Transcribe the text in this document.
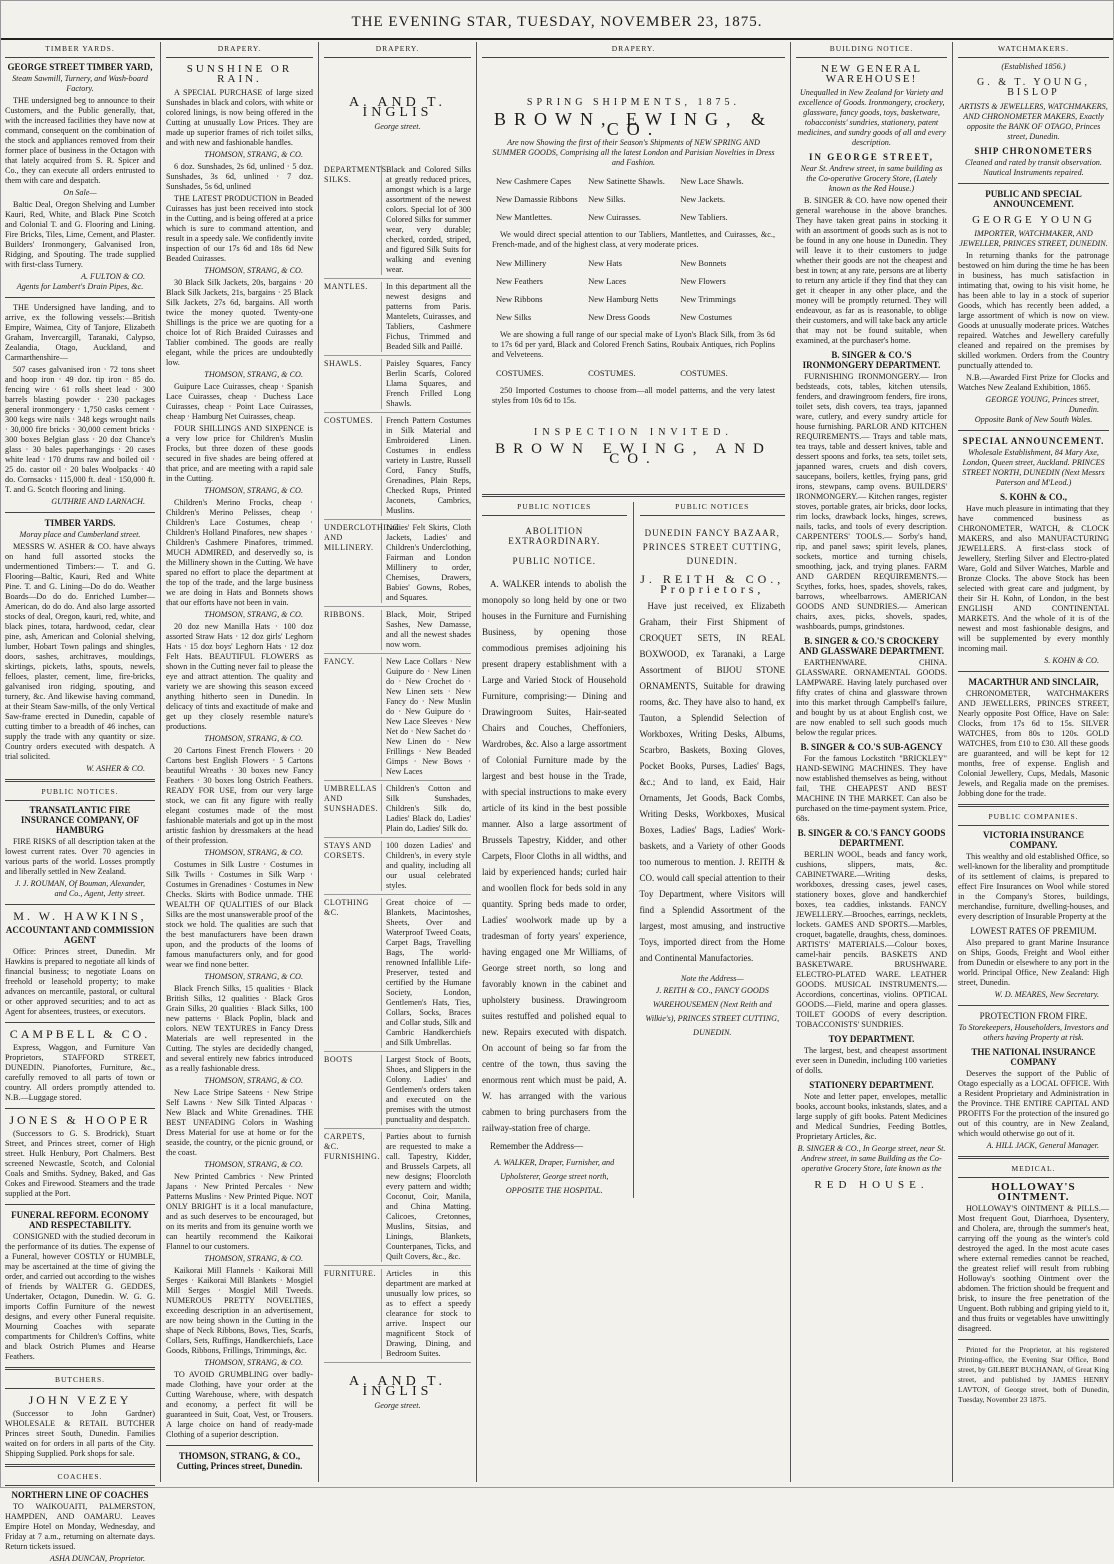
THE EVENING STAR, TUESDAY, NOVEMBER 23, 1875.
TIMBER YARDS.
GEORGE STREET TIMBER YARD,
Steam Sawmill, Turnery, and Wash-board Factory.
THE undersigned beg to announce to their Customers, and the Public generally, that, with the increased facilities they have now at command, consequent on the combination of the stock and appliances removed from their former place of business in the Octagon with that lately acquired from S. R. Spicer and Co., they can execute all orders entrusted to them with care and despatch.
On Sale—
Baltic Deal, Oregon Shelving and Lumber Kauri, Red, White, and Black Pine Scotch and Colonial T. and G. Flooring and Lining. Fire Bricks, Tiles, Lime, Cement, and Plaster. Builders' Ironmongery, Galvanised Iron, Ridging, and Spouting. The trade supplied with first-class Turnery.
A. FULTON & CO.
Agents for Lambert's Drain Pipes, &c.
THE Undersigned have landing, and to arrive, ex the following vessels:—British Empire, Waimea, City of Tanjore, Elizabeth Graham, Invercargill, Taranaki, Calypso, Zealandia, Otago, Auckland, and Carmarthenshire—
507 cases galvanised iron · 72 tons sheet and hoop iron · 49 doz. tip iron · 85 do. fencing wire · 61 rolls sheet lead · 300 barrels blasting powder · 230 packages general ironmongery · 1,750 casks cement · 300 kegs wire nails · 348 kegs wrought nails · 30,000 fire bricks · 30,000 cement bricks · 300 boxes Belgian glass · 20 doz Chance's glass · 30 bales paperhangings · 20 cases white lead · 170 drums raw and boiled oil · 25 do. castor oil · 20 bales Woolpacks · 40 do. Cornsacks · 115,000 ft. deal · 150,000 ft. T. and G. Scotch flooring and lining.
GUTHRIE AND LARNACH.
TIMBER YARDS.
Moray place and Cumberland street.
MESSRS W. ASHER & CO. have always on hand full assorted stocks the undermentioned Timbers:— T. and G. Flooring—Baltic, Kauri, Red and White Pine. T. and G. Lining—Do do do. Weather Boards—Do do do. Enriched Lumber—American, do do do. And also large assorted stocks of deal, Oregon, kauri, red, white, and black pines, totara, hardwood, cedar, clear pine, ash, American and Colonial shelving, lumber, Hobart Town palings and shingles, doors, sashes, architraves, mouldings, skirtings, pickets, laths, spouts, newels, felloes, plaster, cement, lime, fire-bricks, galvanised iron ridging, spouting, and turnery, &c. And likewise having command, at their Steam Saw-mills, of the only Vertical Saw-frame erected in Dunedin, capable of cutting timber to a breadth of 46 inches, can supply the trade with any quantity or size. Country orders executed with despatch. A trial solicited.
W. ASHER & CO.
PUBLIC NOTICES.
TRANSATLANTIC FIRE INSURANCE COMPANY, OF HAMBURG
FIRE RISKS of all description taken at the lowest current rates. Over 70 agencies in various parts of the world. Losses promptly and liberally settled in New Zealand.
J. J. ROUMAN, Of Bouman, Alexander, and Co., Agent, Jetty street.
M. W. HAWKINS,
ACCOUNTANT AND COMMISSION AGENT
Office: Princes street, Dunedin. Mr Hawkins is prepared to negotiate all kinds of financial business; to negotiate Loans on freehold or leasehold property; to make advances on mercantile, pastoral, or cultural or other approved securities; and to act as Agent for absentees, trustees, or executors.
CAMPBELL & CO.
Express, Waggon, and Furniture Van Proprietors, STAFFORD STREET, DUNEDIN. Pianofortes, Furniture, &c., carefully removed to all parts of town or country. All orders promptly attended to. N.B.—Luggage stored.
JONES & HOOPER
(Successors to G. S. Brodrick), Stuart Street, and Princes street, corner of High street. Hulk Henbury, Port Chalmers. Best screened Newcastle, Scotch, and Colonial Coals and Smiths. Sydney, Baked, and Gas Cokes and Firewood. Steamers and the trade supplied at the Port.
FUNERAL REFORM. ECONOMY AND RESPECTABILITY.
CONSIGNED with the studied decorum in the performance of its duties. The expense of a Funeral, however COSTLY or HUMBLE, may be ascertained at the time of giving the order, and carried out according to the wishes of friends by WALTER G. GEDDES, Undertaker, Octagon, Dunedin. W. G. G. imports Coffin Furniture of the newest designs, and every other Funeral requisite. Mourning Coaches with separate compartments for Children's Coffins, white and black Ostrich Plumes and Hearse Feathers.
BUTCHERS.
JOHN VEZEY
(Successor to John Gardner) WHOLESALE & RETAIL BUTCHER Princes street South, Dunedin. Families waited on for orders in all parts of the City. Shipping Supplied. Pork shops for sale.
COACHES.
NORTHERN LINE OF COACHES
TO WAIKOUAITI, PALMERSTON, HAMPDEN, AND OAMARU. Leaves Empire Hotel on Monday, Wednesday, and Friday at 7 a.m., returning on alternate days. Return tickets issued.
ASHA DUNCAN, Proprietor.
DRAPERY.
SUNSHINE OR RAIN.
A SPECIAL PURCHASE of large sized Sunshades in black and colors, with white or colored linings, is now being offered in the Cutting at unusually Low Prices. They are made up superior frames of rich toilet silks, and with new and fashionable handles.
THOMSON, STRANG, & CO.
6 doz. Sunshades, 2s 6d, unlined · 5 doz. Sunshades, 3s 6d, unlined · 7 doz. Sunshades, 5s 6d, unlined
THE LATEST PRODUCTION in Beaded Cuirasses has just been received into stock in the Cutting, and is being offered at a price which is sure to command attention, and result in a speedy sale. We confidently invite inspection of our 17s 6d and 18s 6d New Beaded Cuirasses.
THOMSON, STRANG, & CO.
30 Black Silk Jackets, 20s, bargains · 20 Black Silk Jackets, 21s, bargains · 25 Black Silk Jackets, 27s 6d, bargains. All worth twice the money quoted. Twenty-one Shillings is the price we are quoting for a choice lot of Rich Braided Cuirasses and Tablier combined. The goods are really elegant, while the prices are undoubtedly low.
THOMSON, STRANG, & CO.
Guipure Lace Cuirasses, cheap · Spanish Lace Cuirasses, cheap · Duchess Lace Cuirasses, cheap · Point Lace Cuirasses, cheap · Hamburg Net Cuirasses, cheap.
FOUR SHILLINGS AND SIXPENCE is a very low price for Children's Muslin Frocks, but three dozen of these goods secured in five shades are being offered at that price, and are meeting with a rapid sale in the Cutting.
THOMSON, STRANG, & CO.
Children's Merino Frocks, cheap · Children's Merino Pelisses, cheap · Children's Lace Costumes, cheap · Children's Holland Pinafores, new shapes · Children's Cashmere Pinafores, trimmed. MUCH ADMIRED, and deservedly so, is the Millinery shown in the Cutting. We have spared no effort to place the department at the top of the trade, and the large business we are doing in Hats and Bonnets shows that our efforts have not been in vain.
THOMSON, STRANG, & CO.
20 doz new Manilla Hats · 100 doz assorted Straw Hats · 12 doz girls' Leghorn Hats · 15 doz boys' Leghorn Hats · 12 doz Felt Hats. BEAUTIFUL FLOWERS as shown in the Cutting never fail to please the eye and attract attention. The quality and variety we are showing this season exceed anything hitherto seen in Dunedin. In delicacy of tints and exactitude of make and get up they closely resemble nature's productions.
THOMSON, STRANG, & CO.
20 Cartons Finest French Flowers · 20 Cartons best English Flowers · 5 Cartons beautiful Wreaths · 30 boxes new Fancy Feathers · 30 boxes long Ostrich Feathers. READY FOR USE, from our very large stock, we can fit any figure with really elegant costumes made of the most fashionable materials and got up in the most artistic fashion by dressmakers at the head of their profession.
THOMSON, STRANG, & CO.
Costumes in Silk Lustre · Costumes in Silk Twills · Costumes in Silk Warp · Costumes in Grenadines · Costumes in New Checks. Skirts with Bodice unmade. THE WEALTH OF QUALITIES of our Black Silks are the most unanswerable proof of the stock we hold. The qualities are such that the best manufacturers have been drawn upon, and the products of the looms of famous manufacturers only, and for good wear we find none better.
THOMSON, STRANG, & CO.
Black French Silks, 15 qualities · Black British Silks, 12 qualities · Black Gros Grain Silks, 20 qualities · Black Silks, 100 new patterns · Black Poplin, black and colors. NEW TEXTURES in Fancy Dress Materials are well represented in the Cutting. The styles are decidedly changed, and several entirely new fabrics introduced as a really fashionable dress.
THOMSON, STRANG, & CO.
New Lace Stripe Sateens · New Stripe Self Lawns · New Silk Tinted Alpacas · New Black and White Grenadines. THE BEST UNFADING Colors in Washing Dress Material for use at home or for the seaside, the country, or the picnic ground, or the coast.
THOMSON, STRANG, & CO.
New Printed Cambrics · New Printed Japans · New Printed Percales · New Patterns Muslins · New Printed Pique. NOT ONLY BRIGHT is it a local manufacture, and as such deserves to be encouraged, but on its merits and from its genuine worth we can heartily recommend the Kaikorai Flannel to our customers.
THOMSON, STRANG, & CO.
Kaikorai Mill Flannels · Kaikorai Mill Serges · Kaikorai Mill Blankets · Mosgiel Mill Serges · Mosgiel Mill Tweeds. NUMEROUS PRETTY NOVELTIES, exceeding description in an advertisement, are now being shown in the Cutting in the shape of Neck Ribbons, Bows, Ties, Scarfs, Collars, Sets, Ruffings, Handkerchiefs, Lace Goods, Ribbons, Frillings, Trimmings, &c.
THOMSON, STRANG, & CO.
TO AVOID GRUMBLING over badly-made Clothing, have your order at the Cutting Warehouse, where, with despatch and economy, a perfect fit will be guaranteed in Suit, Coat, Vest, or Trousers. A large choice on hand of ready-made Clothing of a superior description.
THOMSON, STRANG, & CO., Cutting, Princes street, Dunedin.
DRAPERY.
A. AND T. INGLIS
George street.
DEPARTMENTS. SILKS.
Black and Colored Silks at greatly reduced prices, amongst which is a large assortment of the newest colors. Special lot of 300 Colored Silks for summer wear, very durable; checked, corded, striped, and figured Silk Suits for walking and evening wear.
MANTLES.	In this department all the newest designs and patterns from Paris. Mantelets, Cuirasses, and Tabliers, Cashmere Fichus, Trimmed and Beaded Silk and Paillé.
SHAWLS.	Paisley Squares, Fancy Berlin Scarfs, Colored Llama Squares, and French Frilled Long Shawls.
COSTUMES.	French Pattern Costumes in Silk Material and Embroidered Linen. Costumes in endless variety in Lustre, Russell Cord, Fancy Stuffs, Grenadines, Plain Reps, Checked Rups, Printed Jaconets, Cambrics, Muslins.
UNDERCLOTHING AND MILLINERY.
Ladies' Felt Skirts, Cloth Jackets, Ladies' and Children's Underclothing, Fairman and London Millinery to order, Chemises, Drawers, Babies' Gowns, Robes, and Squares.
RIBBONS.	Black, Moir, Striped Sashes, New Damasse, and all the newest shades now worn.
FANCY.	New Lace Collars · New Guipure do · New Linen do · New Crochet do · New Linen sets · New Fancy do · New Muslin do · New Guipure do · New Lace Sleeves · New Net do · New Sachet do · New Linen do · New Frillings · New Beaded Gimps · New Bows · New Laces
UMBRELLAS AND SUNSHADES.
Children's Cotton and Silk Sunshades, Children's Silk do, Ladies' Black do, Ladies' Plain do, Ladies' Silk do.
STAYS AND CORSETS.
100 dozen Ladies' and Children's, in every style and quality, including all our usual celebrated styles.
CLOTHING &C.
Great choice of — Blankets, Macintoshes, Sheets, Over and Waterproof Tweed Coats, Carpet Bags, Travelling Bags, The world-renowned Infallible Life-Preserver, tested and certified by the Humane Society, London, Gentlemen's Hats, Ties, Collars, Socks, Braces and Collar studs, Silk and Cambric Handkerchiefs and Silk Umbrellas.
BOOTS	Largest Stock of Boots, Shoes, and Slippers in the Colony. Ladies' and Gentlemen's orders taken and executed on the premises with the utmost punctuality and despatch.
CARPETS, &C. FURNISHING.
Parties about to furnish are requested to make a call. Tapestry, Kidder, and Brussels Carpets, all new designs; Floorcloth every pattern and width; Coconut, Coir, Manila, and China Matting. Calicoes, Cretonnes, Muslins, Sitsias, and Linings, Blankets, Counterpanes, Ticks, and Quilt Covers, &c., &c.
FURNITURE.	Articles in this department are marked at unusually low prices, so as to effect a speedy clearance for stock to arrive. Inspect our magnificent Stock of Drawing, Dining, and Bedroom Suites.
A. AND T. INGLIS
George street.
DRAPERY.
SPRING SHIPMENTS, 1875.
BROWN, EWING, & CO.
Are now Showing the first of their Season's Shipments of NEW SPRING AND SUMMER GOODS, Comprising all the latest London and Parisian Novelties in Dress and Fashion.
New Cashmere Capes	New Satinette Shawls.	New Lace Shawls.
New Damassie Ribbons	New Silks.	New Jackets.
New Mantlettes.	New Cuirasses.	New Tabliers.
We would direct special attention to our Tabliers, Mantlettes, and Cuirasses, &c., French-made, and of the highest class, at very moderate prices.
New Millinery	New Hats	New Bonnets
New Feathers	New Laces	New Flowers
New Ribbons	New Hamburg Netts	New Trimmings
New Silks	New Dress Goods	New Costumes
We are showing a full range of our special make of Lyon's Black Silk, from 3s 6d to 17s 6d per yard, Black and Colored French Satins, Roubaix Antiques, rich Poplins and Velveteens.
COSTUMES.	COSTUMES.	COSTUMES.
250 Imported Costumes to choose from—all model patterns, and the very latest styles from 10s 6d to 15s.
INSPECTION INVITED.
BROWN EWING, AND CO.
PUBLIC NOTICES
ABOLITION EXTRAORDINARY.
PUBLIC NOTICE.
A. WALKER intends to abolish the monopoly so long held by one or two houses in the Furniture and Furnishing Business, by opening those commodious premises adjoining his present drapery establishment with a Large and Varied Stock of Household Furniture, comprising:— Dining and Drawingroom Suites, Hair-seated Chairs and Couches, Cheffoniers, Wardrobes, &c. Also a large assortment of Colonial Furniture made by the largest and best house in the Trade, with special instructions to make every article of its kind in the best possible manner. Also a large assortment of Brussels Tapestry, Kidder, and other Carpets, Floor Cloths in all widths, and laid by experienced hands; curled hair and woollen flock for beds sold in any quantity. Spring beds made to order, Ladies' woolwork made up by a tradesman of forty years' experience, having engaged one Mr Williams, of George street north, so long and favorably known in the cabinet and upholstery business. Drawingroom suites restuffed and polished equal to new. Repairs executed with dispatch. On account of being so far from the centre of the town, thus saving the enormous rent which must be paid, A. W. has arranged with the various cabmen to bring purchasers from the railway-station free of charge.
Remember the Address—
A. WALKER, Draper, Furnisher, and Upholsterer, George street north, OPPOSITE THE HOSPITAL.
PUBLIC NOTICES
DUNEDIN FANCY BAZAAR, PRINCES STREET CUTTING, DUNEDIN.
J. REITH & CO., Proprietors,
Have just received, ex Elizabeth Graham, their First Shipment of CROQUET SETS, IN REAL BOXWOOD, ex Taranaki, a Large Assortment of BIJOU STONE ORNAMENTS, Suitable for drawing rooms, &c. They have also to hand, ex Tauton, a Splendid Selection of Workboxes, Writing Desks, Albums, Scarbro, Baskets, Boxing Gloves, Pocket Books, Purses, Ladies' Bags, &c.; And to land, ex Eaid, Hair Ornaments, Jet Goods, Back Combs, Writing Desks, Workboxes, Musical Boxes, Ladies' Bags, Ladies' Work-baskets, and a Variety of other Goods too numerous to mention. J. REITH & CO. would call special attention to their Toy Department, where Visitors will find a Splendid Assortment of the largest, most amusing, and instructive Toys, imported direct from the Home and Continental Manufactories.
Note the Address—
J. REITH & CO., FANCY GOODS WAREHOUSEMEN (Next Reith and Wilkie's), PRINCES STREET CUTTING, DUNEDIN.
BUILDING NOTICE.
NEW GENERAL WAREHOUSE!
Unequalled in New Zealand for Variety and excellence of Goods. Ironmongery, crockery, glassware, fancy goods, toys, basketware, tobacconists' sundries, stationery, patent medicines, and sundry goods of all and every description.
IN GEORGE STREET,
Near St. Andrew street, in same building as the Co-operative Grocery Store, (Lately known as the Red House.)
B. SINGER & CO. have now opened their general warehouse in the above branches. They have taken great pains in stocking it with an assortment of goods such as is not to be found in any one house in Dunedin. They will leave it to their customers to judge whether their goods are not the cheapest and best in town; at any rate, persons are at liberty to return any article if they find that they can get it cheaper in any other place, and the money will be promptly returned. They will endeavour, as far as is reasonable, to oblige their customers, and will take back any article that may not be found suitable, when examined, at the purchaser's home.
B. SINGER & CO.'S IRONMONGERY DEPARTMENT.
FURNISHING IRONMONGERY.— Iron bedsteads, cots, tables, kitchen utensils, fenders, and drawingroom fenders, fire irons, toilet sets, dish covers, tea trays, japanned ware, cutlery, and every sundry article for house furnishing. PARLOR AND KITCHEN REQUIREMENTS.— Trays and table mats, tea trays, table and dessert knives, table and dessert spoons and forks, tea sets, toilet sets, japanned wares, cruets and dish covers, saucepans, boilers, kettles, frying pans, grid irons, stewpans, camp ovens. BUILDERS' IRONMONGERY.— Kitchen ranges, register stoves, portable grates, air bricks, door locks, rim locks, drawback locks, hinges, screws, nails, tacks, and tools of every description. CARPENTERS' TOOLS.— Sorby's hand, rip, and panel saws; spirit levels, planes, sockets, mortice and turning chisels, smoothing, jack, and trying planes. FARM AND GARDEN REQUIREMENTS.— Scythes, forks, hoes, spades, shovels, rakes, barrows, wheelbarrows. AMERICAN GOODS AND SUNDRIES.— American chairs, axes, picks, shovels, spades, washboards, pumps, grindstones.
B. SINGER & CO.'S CROCKERY AND GLASSWARE DEPARTMENT.
EARTHENWARE. CHINA. GLASSWARE. ORNAMENTAL GOODS. LAMPWARE. Having lately purchased over fifty crates of china and glassware thrown into this market through Campbell's failure, and bought by us at about English cost, we are now enabled to sell such goods much below the regular prices.
B. SINGER & CO.'S SUB-AGENCY
For the famous Lockstitch "BRICKLEY" HAND-SEWING MACHINES. They have now established themselves as being, without fail, THE CHEAPEST AND BEST MACHINE IN THE MARKET. Can also be purchased on the time-payment system. Price, 68s.
B. SINGER & CO.'S FANCY GOODS DEPARTMENT.
BERLIN WOOL, beads and fancy work, cushions, slippers, mats, &c. CABINETWARE.—Writing desks, workboxes, dressing cases, jewel cases, stationery boxes, glove and handkerchief boxes, tea caddies, inkstands. FANCY JEWELLERY.—Brooches, earrings, necklets, lockets. GAMES AND SPORTS.—Marbles, croquet, bagatelle, draughts, chess, dominoes. ARTISTS' MATERIALS.—Colour boxes, camel-hair pencils. BASKETS AND BASKETWARE. BRUSHWARE. ELECTRO-PLATED WARE. LEATHER GOODS. MUSICAL INSTRUMENTS.—Accordions, concertinas, violins. OPTICAL GOODS.—Field, marine and opera glasses. TOILET GOODS of every description. TOBACCONISTS' SUNDRIES.
TOY DEPARTMENT.
The largest, best, and cheapest assortment ever seen in Dunedin, including 100 varieties of dolls.
STATIONERY DEPARTMENT.
Note and letter paper, envelopes, metallic books, account books, inkstands, slates, and a large supply of gift books. Patent Medicines and Medical Sundries, Feeding Bottles, Proprietary Articles, &c.
B. SINGER & CO., In George street, near St. Andrew street, in same Building as the Co-operative Grocery Store, late known as the
RED HOUSE.
WATCHMAKERS.
(Established 1856.)
G. & T. YOUNG, BISLOP
ARTISTS & JEWELLERS, WATCHMAKERS, AND CHRONOMETER MAKERS, Exactly opposite the BANK OF OTAGO, Princes street, Dunedin.
SHIP CHRONOMETERS
Cleaned and rated by transit observation. Nautical Instruments repaired.
PUBLIC AND SPECIAL ANNOUNCEMENT.
GEORGE YOUNG
IMPORTER, WATCHMAKER, AND JEWELLER, PRINCES STREET, DUNEDIN.
In returning thanks for the patronage bestowed on him during the time he has been in business, has much satisfaction in intimating that, owing to his visit home, he has been able to lay in a stock of superior Goods, which has recently been added, a large assortment of which is now on view. Goods at unusually moderate prices. Watches repaired. Watches and Jewellery carefully cleaned and repaired on the premises by skilled workmen. Orders from the Country punctually attended to.
N.B.—Awarded First Prize for Clocks and Watches New Zealand Exhibition, 1865.
GEORGE YOUNG, Princes street, Dunedin.
Opposite Bank of New South Wales.
SPECIAL ANNOUNCEMENT.
Wholesale Establishment, 84 Mary Axe, London, Queen street, Auckland. PRINCES STREET NORTH, DUNEDIN (Next Messrs Paterson and M'Leod.)
S. KOHN & CO.,
Have much pleasure in intimating that they have commenced business as CHRONOMETER, WATCH, & CLOCK MAKERS, and also MANUFACTURING JEWELLERS. A first-class stock of Jewellery, Sterling Silver and Electro-plated Ware, Gold and Silver Watches, Marble and Bronze Clocks. The above Stock has been selected with great care and judgment, by their Sir H. Kohn, of London, in the best ENGLISH AND CONTINENTAL MARKETS. And the whole of it is of the newest and most fashionable designs, and will be supplemented by every monthly incoming mail.
S. KOHN & CO.
MACARTHUR AND SINCLAIR,
CHRONOMETER, WATCHMAKERS AND JEWELLERS, PRINCES STREET, Nearly opposite Post Office, Have on Sale: Clocks, from 17s 6d to 15s. SILVER WATCHES, from 80s to 120s. GOLD WATCHES, from £10 to £30. All these goods are guaranteed, and will be kept for 12 months, free of expense. English and Colonial Jewellery, Cups, Medals, Masonic Jewels, and Regalia made on the premises. Jobbing done for the trade.
PUBLIC COMPANIES.
VICTORIA INSURANCE COMPANY.
This wealthy and old established Office, so well-known for the liberality and promptitude of its settlement of claims, is prepared to effect Fire Insurances on Wool while stored in the Company's Stores, buildings, merchandise, furniture, dwelling-houses, and every description of Insurable Property at the
LOWEST RATES OF PREMIUM.
Also prepared to grant Marine Insurance on Ships, Goods, Freight and Wool either from Dunedin or elsewhere to any port in the world. Principal Office, New Zealand: High street, Dunedin.
W. D. MEARES, New Secretary.
PROTECTION FROM FIRE.
To Storekeepers, Householders, Investors and others having Property at risk.
THE NATIONAL INSURANCE COMPANY
Deserves the support of the Public of Otago especially as a LOCAL OFFICE. With a Resident Proprietary and Administration in the Province. THE ENTIRE CAPITAL AND PROFITS For the protection of the insured go out of this country, are in New Zealand, which would otherwise go out of it.
A. HILL JACK, General Manager.
MEDICAL.
HOLLOWAY'S OINTMENT.
HOLLOWAY'S OINTMENT & PILLS.—Most frequent Gout, Diarrhoea, Dysentery, and Cholera, are, through the summer's heat, carrying off the young as the winter's cold destroyed the aged. In the most acute cases where external remedies cannot be reached, the greatest relief will result from rubbing Holloway's soothing Ointment over the abdomen. The friction should be frequent and brisk, to insure the free penetration of the Unguent. Both rubbing and griping yield to it, and thus fruits or vegetables have unwittingly disagreed.
Printed for the Proprietor, at his registered Printing-office, the Evening Star Office, Bond street, by GILBERT BUCHANAN, of Great King street, and published by JAMES HENRY LAVTON, of George street, both of Dunedin, Tuesday, November 23 1875.
